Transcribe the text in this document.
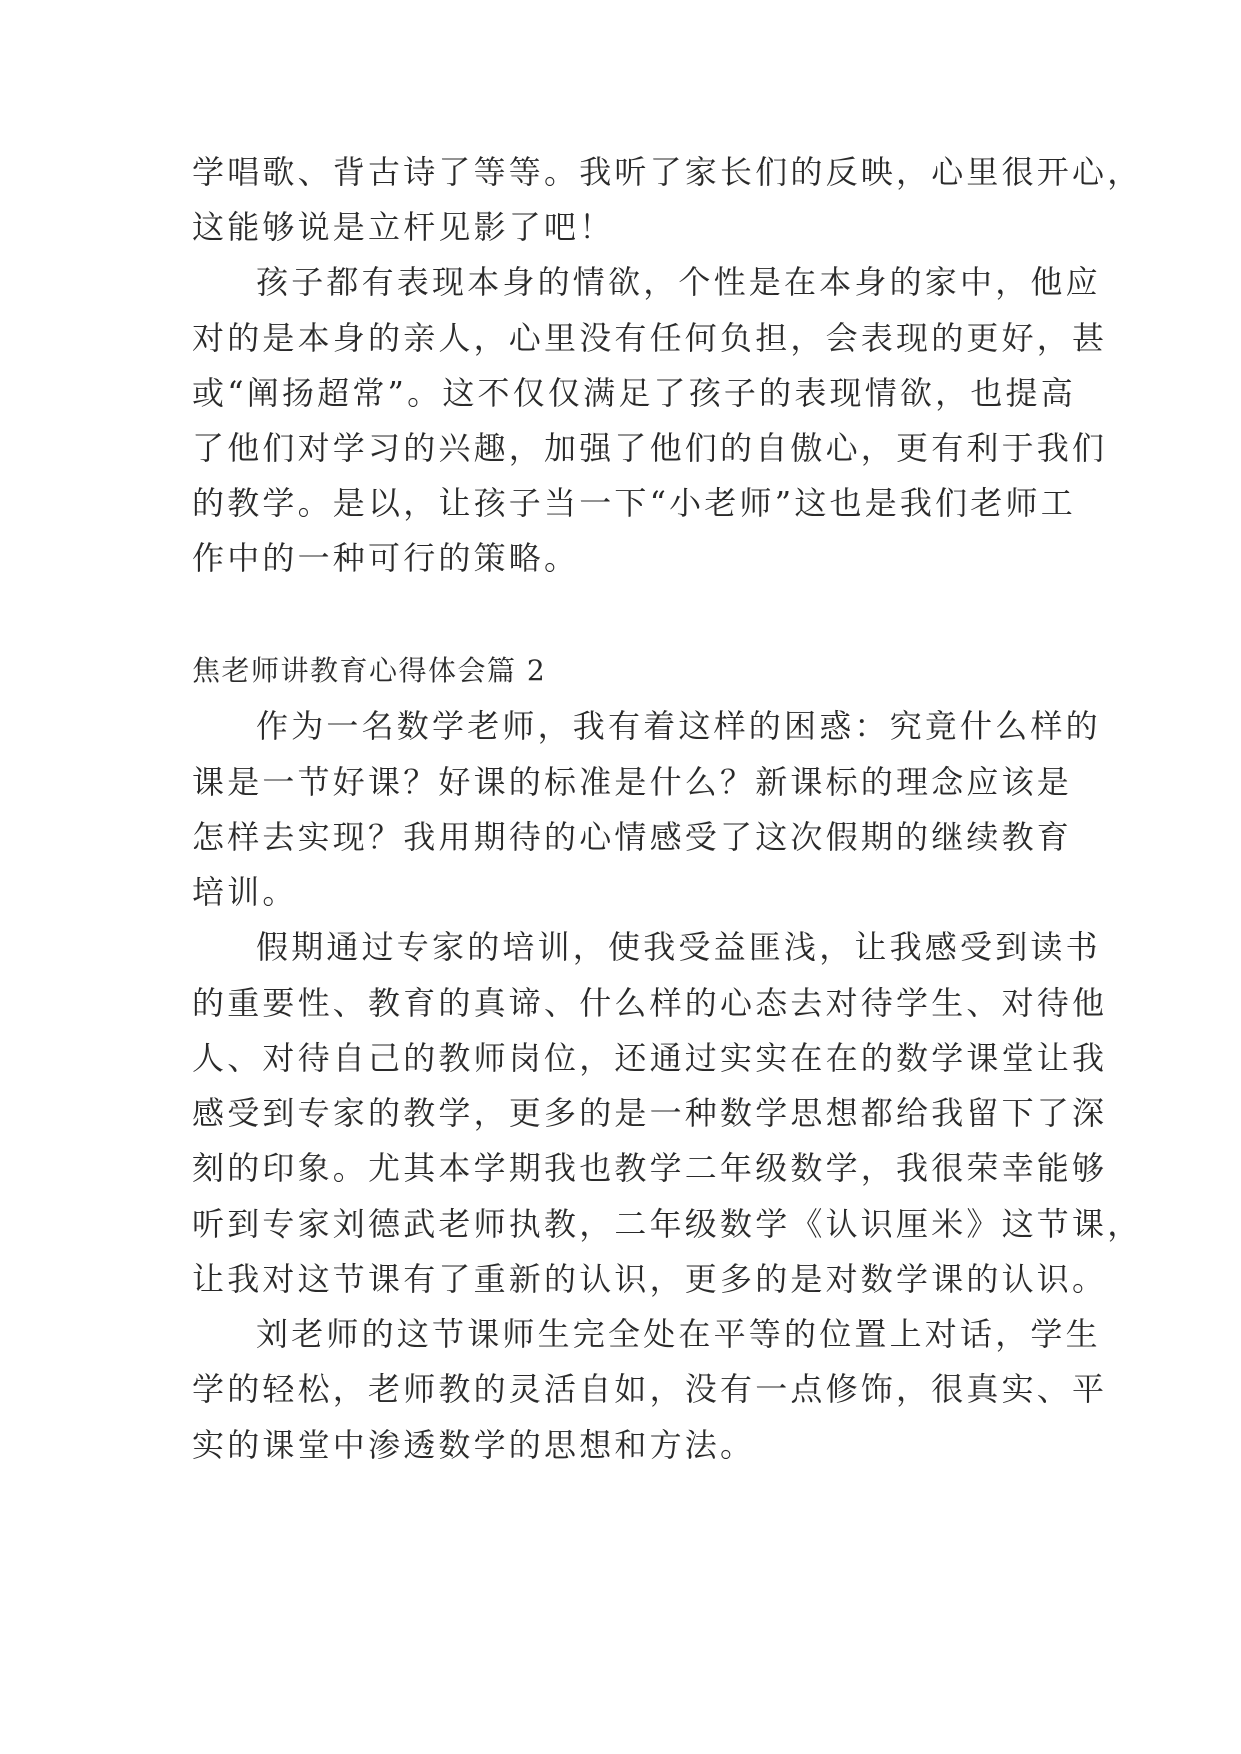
学唱歌、背古诗了等等。我听了家长们的反映，心里很开心，
这能够说是立杆见影了吧！
孩子都有表现本身的情欲，个性是在本身的家中，他应
对的是本身的亲人，心里没有任何负担，会表现的更好，甚
或“阐扬超常”。这不仅仅满足了孩子的表现情欲，也提高
了他们对学习的兴趣，加强了他们的自傲心，更有利于我们
的教学。是以，让孩子当一下“小老师”这也是我们老师工
作中的一种可行的策略。
焦老师讲教育心得体会篇 2
作为一名数学老师，我有着这样的困惑：究竟什么样的
课是一节好课？好课的标准是什么？新课标的理念应该是
怎样去实现？我用期待的心情感受了这次假期的继续教育
培训。
假期通过专家的培训，使我受益匪浅，让我感受到读书
的重要性、教育的真谛、什么样的心态去对待学生、对待他
人、对待自己的教师岗位，还通过实实在在的数学课堂让我
感受到专家的教学，更多的是一种数学思想都给我留下了深
刻的印象。尤其本学期我也教学二年级数学，我很荣幸能够
听到专家刘德武老师执教，二年级数学《认识厘米》这节课，
让我对这节课有了重新的认识，更多的是对数学课的认识。
刘老师的这节课师生完全处在平等的位置上对话，学生
学的轻松，老师教的灵活自如，没有一点修饰，很真实、平
实的课堂中渗透数学的思想和方法。
